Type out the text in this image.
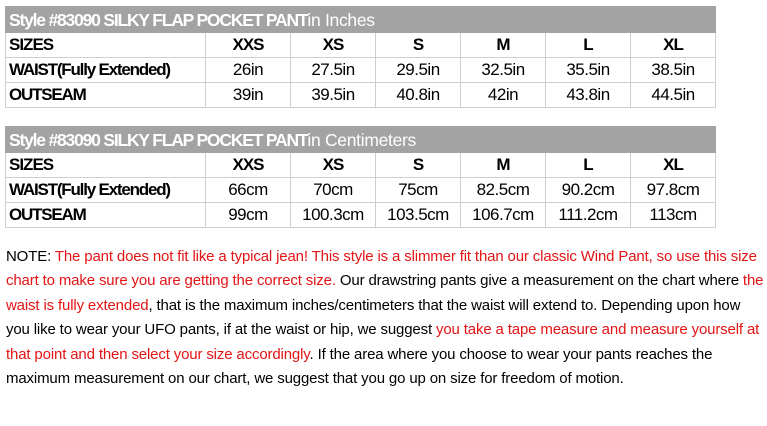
Style #83090 SILKY FLAP POCKET PANTin Inches						
SIZES	XXS	XS	S	M	L	XL
WAIST(Fully Extended)	26in	27.5in	29.5in	32.5in	35.5in	38.5in
OUTSEAM	39in	39.5in	40.8in	42in	43.8in	44.5in
Style #83090 SILKY FLAP POCKET PANTin Centimeters						
SIZES	XXS	XS	S	M	L	XL
WAIST(Fully Extended)	66cm	70cm	75cm	82.5cm	90.2cm	97.8cm
OUTSEAM	99cm	100.3cm	103.5cm	106.7cm	111.2cm	113cm
NOTE: The pant does not fit like a typical jean! This style is a slimmer fit than our classic Wind Pant, so use this size chart to make sure you are getting the correct size. Our drawstring pants give a measurement on the chart where the waist is fully extended, that is the maximum inches/centimeters that the waist will extend to. Depending upon how you like to wear your UFO pants, if at the waist or hip, we suggest you take a tape measure and measure yourself at that point and then select your size accordingly. If the area where you choose to wear your pants reaches the maximum measurement on our chart, we suggest that you go up on size for freedom of motion.
